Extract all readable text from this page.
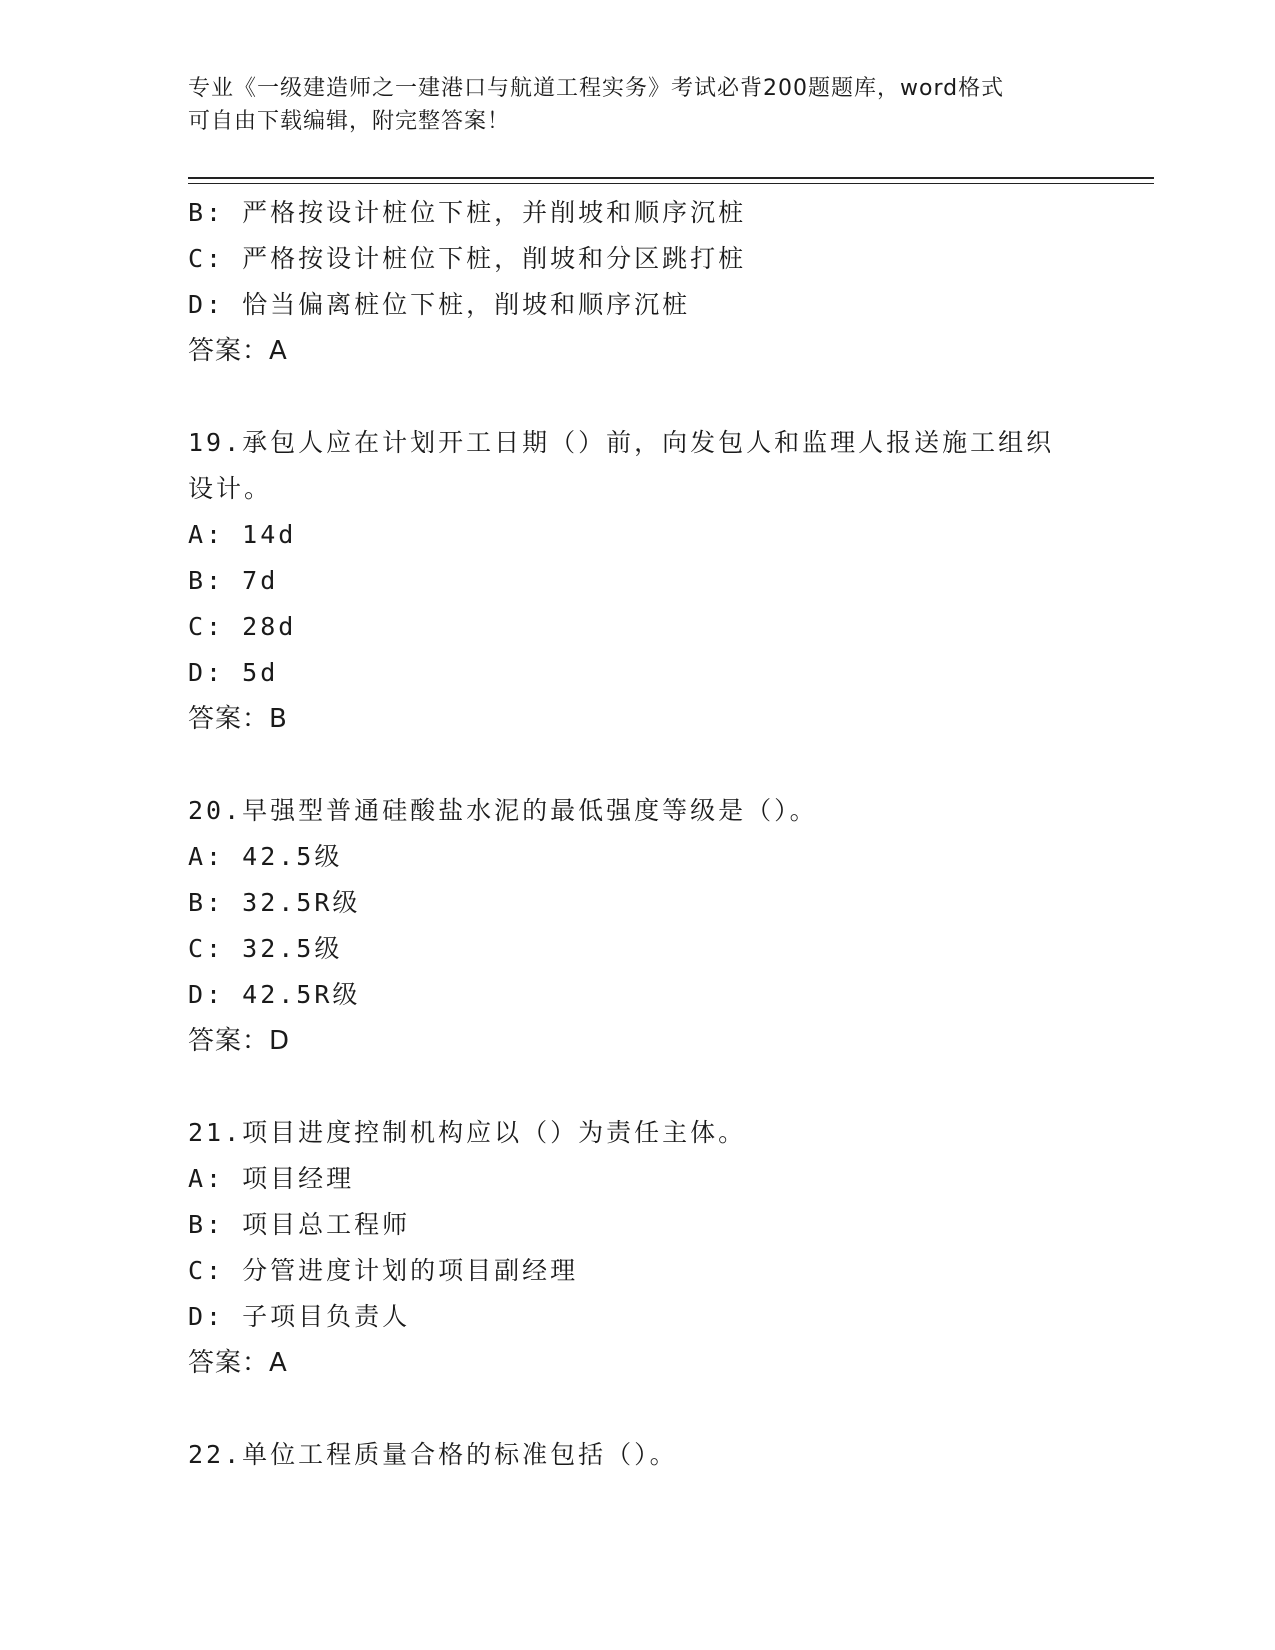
专业《一级建造师之一建港口与航道工程实务》考试必背200题题库，word格式
可自由下载编辑，附完整答案！
B: 严格按设计桩位下桩，并削坡和顺序沉桩
C: 严格按设计桩位下桩，削坡和分区跳打桩
D: 恰当偏离桩位下桩，削坡和顺序沉桩
答案：A
19.承包人应在计划开工日期（）前，向发包人和监理人报送施工组织
设计。
A: 14d
B: 7d
C: 28d
D: 5d
答案：B
20.早强型普通硅酸盐水泥的最低强度等级是（）。
A: 42.5级
B: 32.5R级
C: 32.5级
D: 42.5R级
答案：D
21.项目进度控制机构应以（）为责任主体。
A: 项目经理
B: 项目总工程师
C: 分管进度计划的项目副经理
D: 子项目负责人
答案：A
22.单位工程质量合格的标准包括（）。
